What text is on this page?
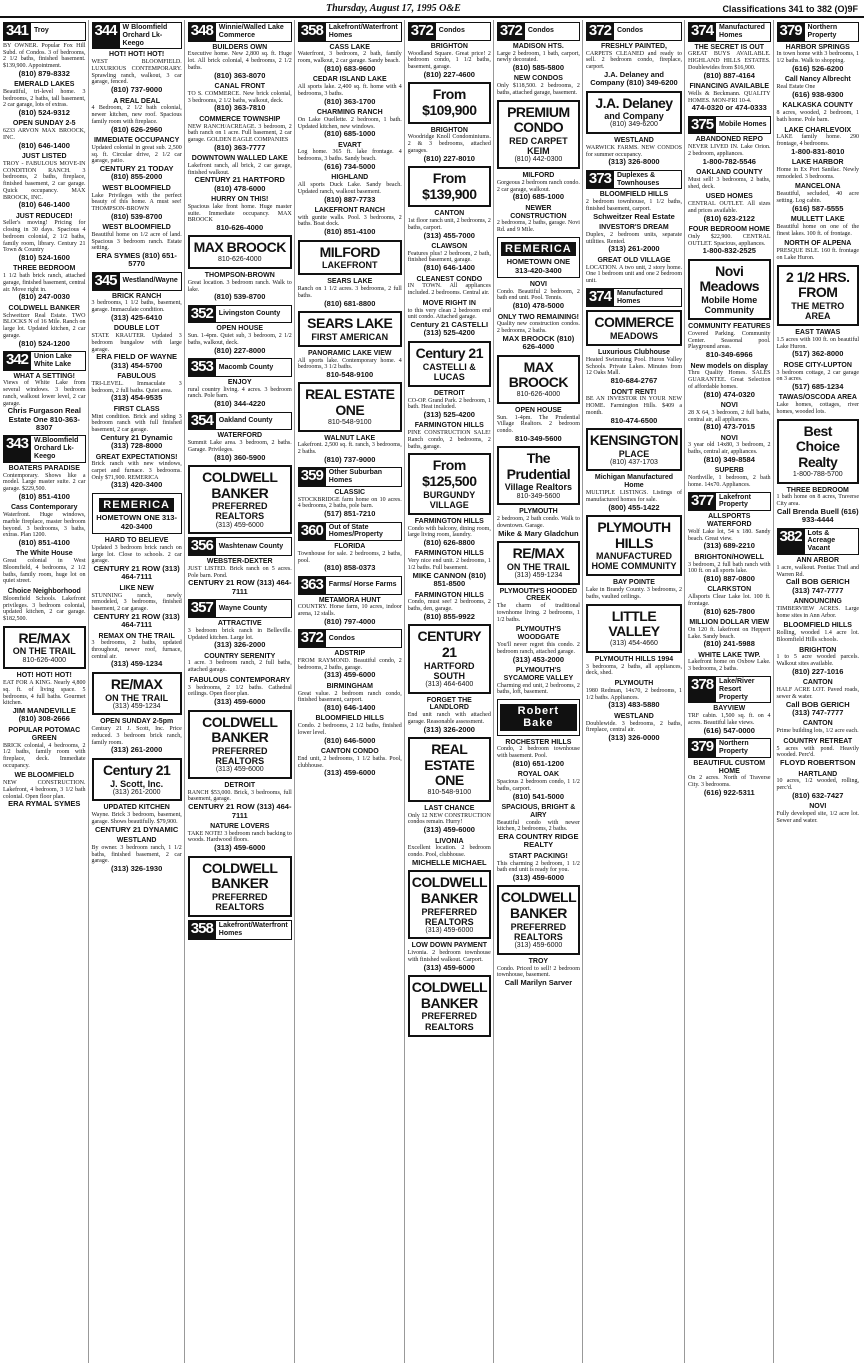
Thursday, August 17, 1995 O&E	Classifications 341 to 382 (O)9F
341 Troy
BY OWNER. Popular Fox Hill Subd. of Condos. 3 of bedrooms, 2 1/2 baths, finished basement. $139,900. Appointment.
(810) 879-8332
EMERALD LAKES
Beautiful, tri-level home. 3 bedrooms, 2 baths, tall basement, 2 car garage, lots of extras.
(810) 524-9312
OPEN SUNDAY 2-5
6233 ARVON MAX BROOCK, INC.
(810) 646-1400
JUST LISTED
TROY - FABULOUS MOVE-IN CONDITION RANCH. 3 bedrooms, 2 baths, fireplace, finished basement, 2 car garage. Quick occupancy. MAX BROOCK, INC.
(810) 646-1400
JUST REDUCED!
Seller's moving! Pricing for closing in 30 days. Spacious 4 bedroom colonial, 2 1/2 baths, family room, library. Century 21 Town & Country
(810) 524-1600
THREE BEDROOM
1 1/2 bath brick ranch, attached garage, finished basement, central air. Move right in.
(810) 247-0030
COLDWELL BANKER
Schweitzer Real Estate. TWO BLOCKS N of 16 Mile. Ranch on large lot. Updated kitchen, 2 car garage.
(810) 524-1200
342 Union Lake White Lake
WHAT A SETTING!
Views of White Lake from several windows. 3 bedroom ranch, walkout lower level, 2 car garage.
Chris Furgason Real Estate One 810-363-8307
343 W.Bloomfield Orchard Lk-Keego
BOATERS PARADISE
Contemporary. Shows like a model. Large master suite. 2 car garage. $229,500.
(810) 851-4100
Cass Contemporary
Waterfront. Huge windows, marble fireplace, master bedroom beyond. 3 bedrooms, 3 baths, extras. Plan 1200.
(810) 851-4100
The White House
Great colonial in West Bloomfield, 4 bedrooms, 2 1/2 baths, family room, huge lot on quiet street.
Choice Neighborhood
Bloomfield Schools. Lakefront privileges. 3 bedroom colonial, updated kitchen, 2 car garage. $182,500.
RE/MAX
ON THE TRAIL
810-626-4000
HOT! HOT! HOT!
EAT FOR A KING. Nearly 4,800 sq. ft. of living space. 5 bedrooms, 4 full baths. Gourmet kitchen.
JIM MANDEVILLE (810) 308-2666
POPULAR POTOMAC GREEN
BRICK colonial, 4 bedrooms, 2 1/2 baths, family room with fireplace, deck. Immediate occupancy.
WE BLOOMFIELD
NEW CONSTRUCTION. Lakefront, 4 bedroom, 3 1/2 bath colonial. Open floor plan.
ERA RYMAL SYMES
344 W Bloomfield Orchard Lk-Keego
HOT! HOT! HOT!
WEST BLOOMFIELD. LUXURIOUS CONTEMPORARY. Sprawling ranch, walkout, 3 car garage, fenced.
(810) 737-9000
A REAL DEAL
4 Bedroom, 2 1/2 bath colonial, newer kitchen, new roof. Spacious family room with fireplace.
(810) 626-2960
IMMEDIATE OCCUPANCY
Updated colonial in great sub. 2,500 sq. ft. Circular drive, 2 1/2 car garage, patio.
CENTURY 21 TODAY (810) 855-2000
WEST BLOOMFIELD
Lake Privileges with the perfect beauty of this home. A must see! THOMPSON-BROWN
(810) 539-8700
WEST BLOOMFIELD
Beautiful home on 1/2 acre of land. Spacious 3 bedroom ranch. Estate setting.
ERA SYMES (810) 651-5770
345 Westland/Wayne
BRICK RANCH
3 bedrooms, 1 1/2 baths, basement, garage. Immaculate condition.
(313) 425-6410
DOUBLE LOT
STATE KRAUTER. Updated 3 bedroom bungalow with large garage.
ERA FIELD OF WAYNE (313) 454-5700
FABULOUS
TRI-LEVEL. Immaculate 3 bedroom, 2 full baths. Quiet area.
(313) 454-9535
FIRST CLASS
Mint condition. Brick and siding 3 bedroom ranch with full finished basement, 2 car garage.
Century 21 Dynamic (313) 728-8000
GREAT EXPECTATIONS!
Brick ranch with new windows, carpet and furnace. 3 bedrooms. Only $71,900. REMERICA
(313) 420-3400
REMERICA
HOMETOWN ONE 313-420-3400
HARD TO BELIEVE
Updated 3 bedroom brick ranch on large lot. Close to schools. 2 car garage.
CENTURY 21 ROW (313) 464-7111
LIKE NEW
STUNNING ranch, newly remodeled, 3 bedrooms, finished basement, 2 car garage.
CENTURY 21 ROW (313) 464-7111
REMAX ON THE TRAIL
3 bedrooms, 2 baths, updated throughout, newer roof, furnace, central air.
(313) 459-1234
RE/MAX
ON THE TRAIL
(313) 459-1234
OPEN SUNDAY 2-5pm
Century 21 J. Scott, Inc. Price reduced. 3 bedroom brick ranch, family room.
(313) 261-2000
Century 21
J. Scott, Inc.
(313) 261-2000
UPDATED KITCHEN
Wayne. Brick 3 bedroom, basement, garage. Shows beautifully. $79,900.
CENTURY 21 DYNAMIC
WESTLAND
By owner. 3 bedroom ranch, 1 1/2 baths, finished basement, 2 car garage.
(313) 326-1930
348 Winnie/Walled Lake Commerce
BUILDERS OWN
Executive home. New 2,800 sq. ft. Huge lot. All brick colonial, 4 bedrooms, 2 1/2 baths.
(810) 363-8070
CANAL FRONT
TO S. COMMERCE. New brick colonial, 3 bedrooms, 2 1/2 baths, walkout, deck.
(810) 363-7810
COMMERCE TOWNSHIP
NEW RANCH/ACREAGE. 3 bedroom, 2 bath ranch on 1 acre. Full basement, 2 car garage. GOLDEN EAGLE COMPANIES
(810) 363-7777
DOWNTOWN WALLED LAKE
Lakefront ranch, all brick, 2 car garage, finished walkout.
CENTURY 21 HARTFORD (810) 478-6000
HURRY ON THIS!
Spacious lake front home. Huge master suite. Immediate occupancy. MAX BROOCK
810-626-4000
MAX BROOCK
810-626-4000
THOMPSON-BROWN
Great location. 3 bedroom ranch. Walk to lake.
(810) 539-8700
352 Livingston County
OPEN HOUSE
Sun. 1-4pm. Quiet sub, 3 bedroom, 2 1/2 baths, walkout, deck.
(810) 227-8000
353 Macomb County
ENJOY
rural country living. 4 acres. 3 bedroom ranch. Pole barn.
(810) 344-4220
354 Oakland County
WATERFORD
Summit Lake area. 3 bedroom, 2 baths. Garage. Privileges.
(810) 360-5900
COLDWELL BANKER
PREFERRED REALTORS
(313) 459-6000
356 Washtenaw County
WEBSTER-DEXTER
JUST LISTED. Brick ranch on 5 acres. Pole barn. Pond.
CENTURY 21 ROW (313) 464-7111
357 Wayne County
ATTRACTIVE
3 bedroom brick ranch in Belleville. Updated kitchen. Large lot.
(313) 326-2000
COUNTRY SERENITY
1 acre. 3 bedroom ranch, 2 full baths, attached garage.
FABULOUS CONTEMPORARY
3 bedrooms, 2 1/2 baths. Cathedral ceilings. Open floor plan.
(313) 459-6000
COLDWELL BANKER
PREFERRED REALTORS
(313) 459-6000
DETROIT
RANCH $53,000. Brick, 3 bedrooms, full basement, garage.
CENTURY 21 ROW (313) 464-7111
NATURE LOVERS
TAKE NOTE! 3 bedroom ranch backing to woods. Hardwood floors.
(313) 459-6000
COLDWELL BANKER
PREFERRED REALTORS
358 Lakefront/Waterfront Homes
358 Lakefront/Waterfront Homes
CASS LAKE
Waterfront, 3 bedroom, 2 bath, family room, walkout, 2 car garage. Sandy beach.
(810) 683-9600
CEDAR ISLAND LAKE
All sports lake. 2,400 sq. ft. home with 4 bedrooms, 3 baths.
(810) 363-1700
CHARMING RANCH
On Lake Ouellette. 2 bedroom, 1 bath. Updated kitchen, new windows.
(810) 685-1000
EVART
Log home. 365 ft. lake frontage. 4 bedrooms, 3 baths. Sandy beach.
(616) 734-5000
HIGHLAND
All sports Duck Lake. Sandy beach. Updated ranch, walkout basement.
(810) 887-7733
LAKEFRONT RANCH
with gunite walls. Pool. 3 bedrooms, 2 baths. Boat dock.
(810) 851-4100
MILFORD
LAKEFRONT
SEARS LAKE
Ranch on 1 1/2 acres. 3 bedrooms, 2 full baths.
(810) 681-8800
SEARS LAKE
FIRST AMERICAN
PANORAMIC LAKE VIEW
All sports lake. Contemporary home. 4 bedrooms, 3 1/2 baths.
810-548-9100
REAL ESTATE ONE
810-548-9100
WALNUT LAKE
Lakefront. 2,500 sq. ft. ranch, 3 bedrooms, 2 baths.
(810) 737-9000
359 Other Suburban Homes
CLASSIC
STOCKBRIDGE farm home on 10 acres. 4 bedrooms, 2 baths, pole barn.
(517) 851-7210
360 Out of State Homes/Property
FLORIDA
Townhouse for sale. 2 bedrooms, 2 baths, pool.
(810) 858-0373
363 Farms/ Horse Farms
METAMORA HUNT
COUNTRY. Horse farm, 10 acres, indoor arena, 12 stalls.
(810) 797-4000
372 Condos
ADSTRIP
FROM RAYMOND. Beautiful condo, 2 bedrooms, 2 baths, garage.
(313) 459-6000
BIRMINGHAM
Great value. 2 bedroom ranch condo, finished basement, carport.
(810) 646-1400
BLOOMFIELD HILLS
Condo. 2 bedrooms, 2 1/2 baths, finished lower level.
(810) 646-5000
CANTON CONDO
End unit, 2 bedrooms, 1 1/2 baths. Pool, clubhouse.
(313) 459-6000
372 Condos
BRIGHTON
Woodland Square. Great price! 2 bedroom condo, 1 1/2 baths, basement, garage.
(810) 227-4600
From $109,900
BRIGHTON
Woodridge Knoll Condominiums. 2 & 3 bedrooms, attached garages.
(810) 227-8010
From $139,900
CANTON
1st floor ranch unit, 2 bedrooms, 2 baths, carport.
(313) 455-7000
CLAWSON
Features plus! 2 bedroom, 2 bath, finished basement, garage.
(810) 646-1400
CLEANEST CONDO
IN TOWN. All appliances included. 2 bedrooms. Central air.
MOVE RIGHT IN
to this very clean 2 bedroom end unit condo. Attached garage.
Century 21 CASTELLI (313) 525-4200
Century 21
CASTELLI & LUCAS
DETROIT
CO-OP. Grand Park. 2 bedroom, 1 bath. Heat included.
(313) 525-4200
FARMINGTON HILLS
PINE CONSTRUCTION SALE! Ranch condo, 2 bedrooms, 2 baths, garage.
From $125,500
BURGUNDY VILLAGE
FARMINGTON HILLS
Condo with balcony, dining room, large living room, laundry.
(810) 626-8800
FARMINGTON HILLS
Very nice end unit. 2 bedrooms, 1 1/2 baths. Full basement.
MIKE CANNON (810) 851-8500
FARMINGTON HILLS
Condo, must see! 2 bedrooms, 2 baths, den, garage.
(810) 855-9922
CENTURY 21
HARTFORD SOUTH
(313) 464-6400
FORGET THE LANDLORD
End unit ranch with attached garage. Reasonable assessment.
(313) 326-2000
REAL ESTATE ONE
810-548-9100
LAST CHANCE
Only 12 NEW CONSTRUCTION condos remain. Hurry!
(313) 459-6000
LIVONIA
Excellent location. 2 bedroom condo. Pool, clubhouse.
MICHELLE MICHAEL
COLDWELL BANKER
PREFERRED REALTORS
(313) 459-6000
LOW DOWN PAYMENT
Livonia. 2 bedroom townhouse with finished walkout. Carport.
(313) 459-6000
COLDWELL BANKER
PREFERRED REALTORS
372 Condos
MADISON HTS.
Large 2 bedroom, 1 bath, carport, newly decorated.
(810) 585-5800
NEW CONDOS
Only $118,500. 2 bedrooms, 2 baths, attached garage, basement.
PREMIUM CONDO
RED CARPET KEIM
(810) 442-0300
MILFORD
Gorgeous 2 bedroom ranch condo. 2 car garage, walkout.
(810) 685-1000
NEWER CONSTRUCTION
2 bedrooms, 2 baths, garage. Novi Rd. and 9 Mile.
REMERICA
HOMETOWN ONE 313-420-3400
NOVI
Condo. Beautiful 2 bedroom, 2 bath end unit. Pool. Tennis.
(810) 478-5000
ONLY TWO REMAINING!
Quality new construction condos. 2 bedrooms, 2 baths.
MAX BROOCK (810) 626-4000
MAX BROOCK
810-626-4000
OPEN HOUSE
Sun. 1-4pm. The Prudential Village Realtors. 2 bedroom condo.
810-349-5600
The Prudential
Village Realtors
810-349-5600
PLYMOUTH
2 bedroom, 2 bath condo. Walk to downtown. Garage.
Mike & Mary Gladchun
RE/MAX
ON THE TRAIL
(313) 459-1234
PLYMOUTH'S HOODED CREEK
The charm of traditional townhome living. 2 bedrooms, 1 1/2 baths.
PLYMOUTH'S WOODGATE
You'll never regret this condo. 2 bedroom ranch, attached garage.
(313) 453-2000
PLYMOUTH'S SYCAMORE VALLEY
Charming end unit, 2 bedrooms, 2 baths, loft, basement.
Robert Bake
ROCHESTER HILLS
Condo, 2 bedroom townhouse with basement. Pool.
(810) 651-1200
ROYAL OAK
Spacious 2 bedroom condo, 1 1/2 baths, carport.
(810) 541-5000
SPACIOUS, BRIGHT & AIRY
Beautiful condo with newer kitchen, 2 bedrooms, 2 baths.
ERA COUNTRY RIDGE REALTY
START PACKING!
This charming 2 bedroom, 1 1/2 bath end unit is ready for you.
(313) 459-6000
COLDWELL BANKER
PREFERRED REALTORS
(313) 459-6000
TROY
Condo. Priced to sell! 2 bedroom townhouse, basement.
Call Marilyn Sarver
372 Condos
FRESHLY PAINTED,
CARPETS CLEANED and ready to sell. 2 bedroom condo, fireplace, carport.
J.A. Delaney and Company (810) 349-6200
J.A. Delaney
and Company
(810) 349-6200
WESTLAND
WARWICK FARMS. NEW CONDOS for summer occupancy.
(313) 326-8000
373 Duplexes & Townhouses
BLOOMFIELD HILLS
2 bedroom townhouse, 1 1/2 baths, finished basement, carport.
Schweitzer Real Estate
INVESTOR'S DREAM
Duplex, 2 bedroom units, separate utilities. Rented.
(313) 261-2000
GREAT OLD VILLAGE
LOCATION. A two unit, 2 story home. One 1 bedroom unit and one 2 bedroom unit.
374 Manufactured Homes
COMMERCE
MEADOWS
Luxurious Clubhouse
Heated Swimming Pool. Huron Valley Schools. Private Lakes. Minutes from 12 Oaks Mall.
810-684-2767
DON'T RENT!
BE AN INVESTOR IN YOUR NEW HOME. Farmington Hills. $409 a month.
810-474-6500
KENSINGTON
PLACE
(810) 437-1703
Michigan Manufactured Home
MULTIPLE LISTINGS. Listings of manufactured homes for sale.
(800) 455-1422
PLYMOUTH HILLS
MANUFACTURED HOME COMMUNITY
BAY POINTE
Lake in Brandy County. 3 bedrooms, 2 baths, vaulted ceilings.
LITTLE VALLEY
(313) 454-4660
PLYMOUTH HILLS 1994
3 bedrooms, 2 baths, all appliances, deck, shed.
PLYMOUTH
1980 Redman, 14x70, 2 bedrooms, 1 1/2 baths. Appliances.
(313) 483-5880
WESTLAND
Doublewide. 3 bedrooms, 2 baths, fireplace, central air.
(313) 326-0000
374 Manufactured Homes
THE SECRET IS OUT
GREAT BUYS AVAILABLE. HIGHLAND HILLS ESTATES. Doublewides from $16,900.
(810) 887-4164
FINANCING AVAILABLE
Wells & Beckmann. QUALITY HOMES. MON-FRI 10-4.
474-0320 or 474-0333
375 Mobile Homes
ABANDONED REPO
NEVER LIVED IN. Lake Orion. 2 bedroom, appliances.
1-800-782-5546
OAKLAND COUNTY
Must sell! 3 bedrooms, 2 baths, shed, deck.
USED HOMES
CENTRAL OUTLET. All sizes and prices available.
(810) 623-2122
FOUR BEDROOM HOME
Only $22,900. CENTRAL OUTLET. Spacious, appliances.
1-800-832-2525
Novi Meadows
Mobile Home Community
COMMUNITY FEATURES
Covered Parking. Community Center. Seasonal pool. Playground areas.
810-349-6966
New models on display
Thru Quality Homes. SALES GUARANTEE. Great Selection of affordable homes.
(810) 474-0320
NOVI
28 X 64, 3 bedroom, 2 full baths, central air, all appliances.
(810) 473-7015
NOVI
3 year old 14x80, 3 bedroom, 2 baths, central air, appliances.
(810) 349-8584
SUPERB
Northville, 1 bedroom, 2 bath home. 14x70. Appliances.
377 Lakefront Property
ALLSPORTS WATERFORD
Wolf Lake lot, 54 x 180. Sandy beach. Great view.
(313) 689-2210
BRIGHTON/HOWELL
3 bedroom, 2 full bath ranch with 100 ft. on all sports lake.
(810) 887-0800
CLARKSTON
Allsports Clear Lake lot. 100 ft. frontage.
(810) 625-7800
MILLION DOLLAR VIEW
On 120 ft. lakefront on Heppert Lake. Sandy beach.
(810) 241-5988
WHITE LAKE TWP.
Lakefront home on Oxbow Lake. 3 bedrooms, 2 baths.
378 Lake/River Resort Property
BAYVIEW
TRF cabin. 1,500 sq. ft. on 4 acres. Beautiful lake views.
(616) 547-0000
379 Northern Property
BEAUTIFUL CUSTOM HOME
On 2 acres. North of Traverse City. 3 bedrooms.
(616) 922-5311
379 Northern Property
HARBOR SPRINGS
In town home with 3 bedrooms, 1 1/2 baths. Walk to shopping.
(616) 526-6200
Call Nancy Albrecht
Real Estate One
(616) 938-9300
KALKASKA COUNTY
8 acres, wooded, 2 bedroom, 1 bath home. Pole barn.
LAKE CHARLEVOIX
LAKE family home. 290 frontage, 4 bedrooms.
1-800-831-8010
LAKE HARBOR
Home in Ex Port Sanilac. Newly remodeled. 3 bedrooms.
MANCELONA
Beautiful, secluded, 40 acre setting. Log cabin.
(616) 587-5555
MULLETT LAKE
Beautiful home on one of the finest lakes. 100 ft. of frontage.
NORTH OF ALPENA
PRESQUE ISLE. 160 ft. frontage on Lake Huron.
2 1/2 HRS. FROM
THE METRO AREA
EAST TAWAS
1.5 acres with 100 ft. on beautiful Lake Huron.
(517) 362-8000
ROSE CITY-LUPTON
3 bedroom cottage, 2 car garage on 3 acres.
(517) 685-1234
TAWAS/OSCODA AREA
Lake homes, cottages, river homes, wooded lots.
Best Choice Realty
1-800-788-5700
THREE BEDROOM
1 bath home on 8 acres, Traverse City area.
Call Brenda Buell (616) 933-4444
382 Lots & Acreage Vacant
ANN ARBOR
1 acre, walkout. Pontiac Trail and Warren Rd.
Call BOB GERICH (313) 747-7777
ANNOUNCING
TIMBERVIEW ACRES. Large home sites in Ann Arbor.
BLOOMFIELD HILLS
Rolling, wooded 1.4 acre lot. Bloomfield Hills schools.
BRIGHTON
1 to 5 acre wooded parcels. Walkout sites available.
(810) 227-1016
CANTON
HALF ACRE LOT. Paved roads, sewer & water.
Call BOB GERICH (313) 747-7777
CANTON
Prime building lots, 1/2 acre each.
COUNTRY RETREAT
5 acres with pond. Heavily wooded. Perc'd.
FLOYD ROBERTSON
HARTLAND
10 acres, 1/2 wooded, rolling, perc'd.
(810) 632-7427
NOVI
Fully developed site, 1/2 acre lot. Sewer and water.
